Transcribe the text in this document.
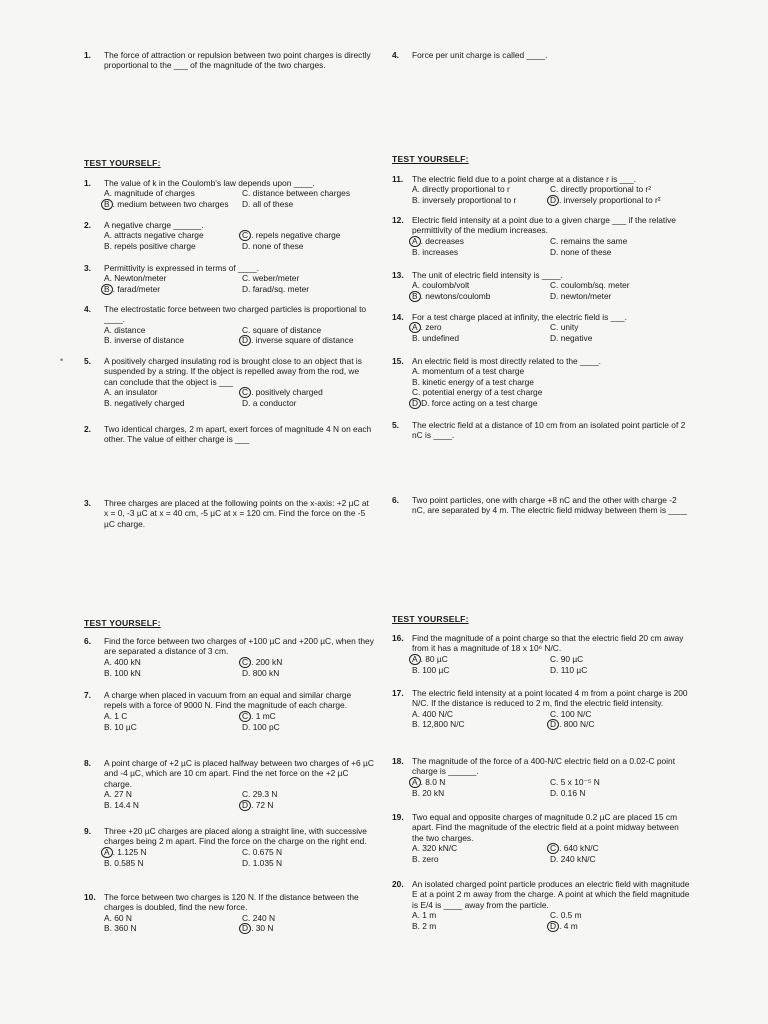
1. The force of attraction or repulsion between two point charges is directly proportional to the ___ of the magnitude of the two charges.
4. Force per unit charge is called ____.
•
TEST YOURSELF:	TEST YOURSELF:
TEST YOURSELF:	TEST YOURSELF:
1. The value of k in the Coulomb's law depends upon ____.
A. magnitude of charges	C. distance between charges
B . medium between two charges	D. all of these
2. A negative charge ______.
A. attracts negative charge	C . repels negative charge
B. repels positive charge	D. none of these
3. Permittivity is expressed in terms of ____.
A. Newton/meter	C. weber/meter
B . farad/meter	D. farad/sq. meter
4. The electrostatic force between two charged particles is proportional to ____.
A. distance	C. square of distance
B. inverse of distance	D . inverse square of distance
5. A positively charged insulating rod is brought close to an object that is suspended by a string. If the object is repelled away from the rod, we can conclude that the object is ___
A. an insulator	C . positively charged
B. negatively charged	D. a conductor
11. The electric field due to a point charge at a distance r is ___.
A. directly proportional to r	C. directly proportional to r²
B. inversely proportional to r	D . inversely proportional to r²
12. Electric field intensity at a point due to a given charge ___ if the relative permittivity of the medium increases.
A . decreases	C. remains the same
B. increases	D. none of these
13. The unit of electric field intensity is ____.
A. coulomb/volt	C. coulomb/sq. meter
B . newtons/coulomb	D. newton/meter
14. For a test charge placed at infinity, the electric field is ___.
A . zero	C. unity
B. undefined	D. negative
15. An electric field is most directly related to the ____.
A. momentum of a test charge
B. kinetic energy of a test charge
C. potential energy of a test charge
D D. force acting on a test charge
2. Two identical charges, 2 m apart, exert forces of magnitude 4 N on each other. The value of either charge is ___
5. The electric field at a distance of 10 cm from an isolated point particle of 2 nC is ____.
3. Three charges are placed at the following points on the x-axis: +2 µC at x = 0, -3 µC at x = 40 cm, -5 µC at x = 120 cm. Find the force on the -5 µC charge.
6. Two point particles, one with charge +8 nC and the other with charge -2 nC, are separated by 4 m. The electric field midway between them is ____
6. Find the force between two charges of +100 µC and +200 µC, when they are separated a distance of 3 cm.
A. 400 kN	C . 200 kN
B. 100 kN	D. 800 kN
7. A charge when placed in vacuum from an equal and similar charge repels with a force of 9000 N. Find the magnitude of each charge.
A. 1 C	C . 1 mC
B. 10 µC	D. 100 pC
8. A point charge of +2 µC is placed halfway between two charges of +6 µC and -4 µC, which are 10 cm apart. Find the net force on the +2 µC charge.
A. 27 N	C. 29.3 N
B. 14.4 N	D . 72 N
9. Three +20 µC charges are placed along a straight line, with successive charges being 2 m apart. Find the force on the charge on the right end.
A . 1.125 N	C. 0.675 N
B. 0.585 N	D. 1.035 N
10. The force between two charges is 120 N. If the distance between the charges is doubled, find the new force.
A. 60 N	C. 240 N
B. 360 N	D . 30 N
16. Find the magnitude of a point charge so that the electric field 20 cm away from it has a magnitude of 18 x 10⁶ N/C.
A . 80 µC	C. 90 µC
B. 100 µC	D. 110 µC
17. The electric field intensity at a point located 4 m from a point charge is 200 N/C. If the distance is reduced to 2 m, find the electric field intensity.
A. 400 N/C	C. 100 N/C
B. 12,800 N/C	D . 800 N/C
18. The magnitude of the force of a 400-N/C electric field on a 0.02-C point charge is ______.
A . 8.0 N	C. 5 x 10⁻⁵ N
B. 20 kN	D. 0.16 N
19. Two equal and opposite charges of magnitude 0.2 µC are placed 15 cm apart. Find the magnitude of the electric field at a point midway between the two charges.
A. 320 kN/C	C . 640 kN/C
B. zero	D. 240 kN/C
20. An isolated charged point particle produces an electric field with magnitude E at a point 2 m away from the charge. A point at which the field magnitude is E/4 is ____ away from the particle.
A. 1 m	C. 0.5 m
B. 2 m	D . 4 m
